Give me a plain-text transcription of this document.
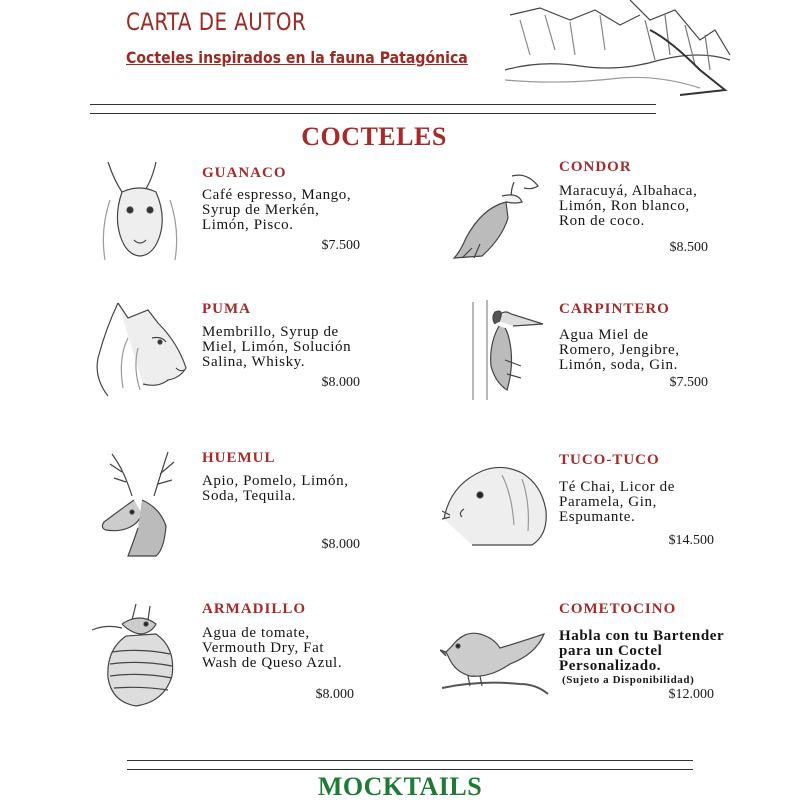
CARTA DE AUTOR
Cocteles inspirados en la fauna Patagónica
COCTELES
GUANACO
Café espresso, Mango,
Syrup de Merkén,
Limón, Pisco.
$7.500
CONDOR
Maracuyá, Albahaca,
Limón, Ron blanco,
Ron de coco.
$8.500
PUMA
Membrillo, Syrup de
Miel, Limón, Solución
Salina, Whisky.
$8.000
CARPINTERO
Agua Miel de
Romero, Jengibre,
Limón, soda, Gin.
$7.500
HUEMUL
Apio, Pomelo, Limón,
Soda, Tequila.
$8.000
TUCO-TUCO
Té Chai, Licor de
Paramela, Gin,
Espumante.
$14.500
ARMADILLO
Agua de tomate,
Vermouth Dry, Fat
Wash de Queso Azul.
$8.000
COMETOCINO
Habla con tu Bartender
para un Coctel
Personalizado.
(Sujeto a Disponibilidad)
$12.000
MOCKTAILS
